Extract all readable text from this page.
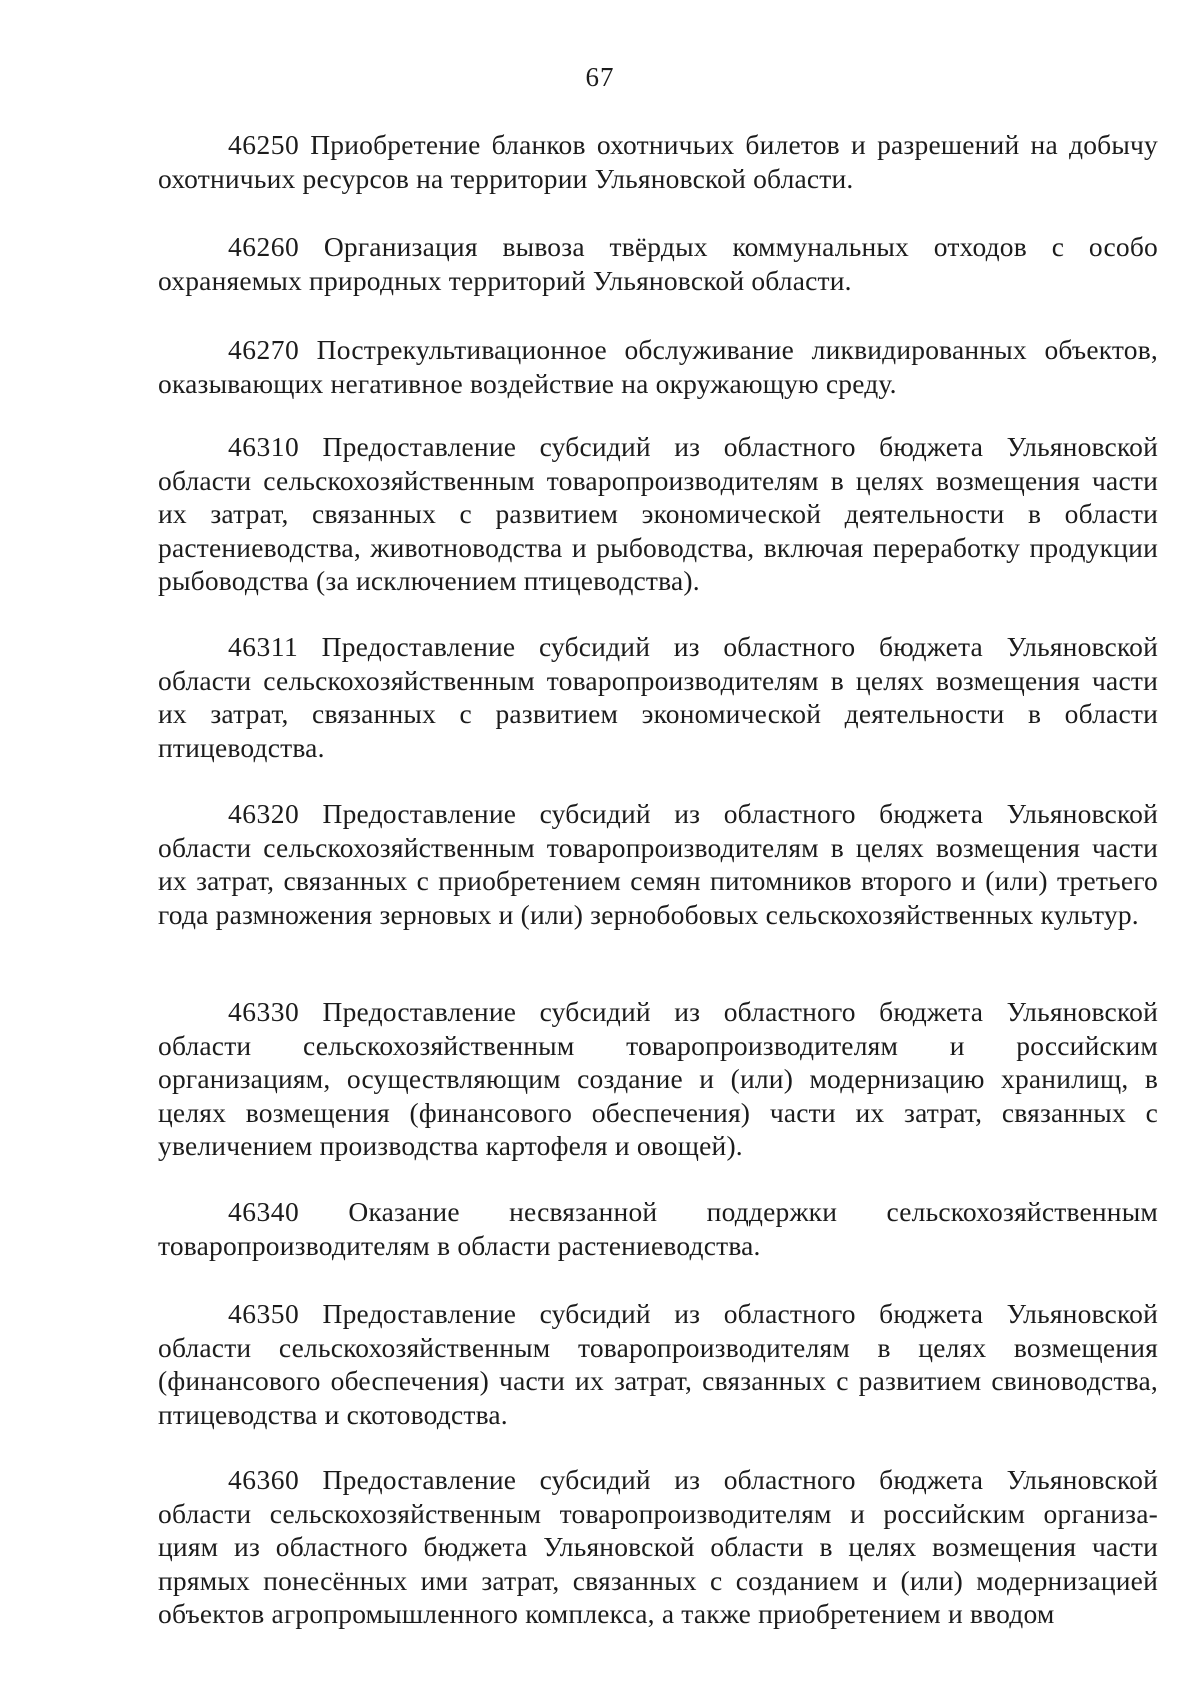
67

46250 Приобретение бланков охотничьих билетов и разрешений на добычу охотничьих ресурсов на территории Ульяновской области.

46260 Организация вывоза твёрдых коммунальных отходов с особо охраняемых природных территорий Ульяновской области.

46270 Пострекультивационное обслуживание ликвидированных объектов, оказывающих негативное воздействие на окружающую среду.

46310 Предоставление субсидий из областного бюджета Ульяновской области сельскохозяйственным товаропроизводителям в целях возмещения части их затрат, связанных с развитием экономической деятельности в области растениеводства, животноводства и рыбоводства, включая переработку продукции рыбоводства (за исключением птицеводства).

46311 Предоставление субсидий из областного бюджета Ульяновской области сельскохозяйственным товаропроизводителям в целях возмещения части их затрат, связанных с развитием экономической деятельности в области птицеводства.

46320 Предоставление субсидий из областного бюджета Ульяновской области сельскохозяйственным товаропроизводителям в целях возмещения части их затрат, связанных с приобретением семян питомников второго и (или) третьего года размножения зерновых и (или) зернобобовых сельскохозяйственных культур.

46330 Предоставление субсидий из областного бюджета Ульяновской области сельскохозяйственным товаропроизводителям и российским организациям, осуществляющим создание и (или) модернизацию хранилищ, в целях возмещения (финансового обеспечения) части их затрат, связанных с увеличением производства картофеля и овощей).

46340 Оказание несвязанной поддержки сельскохозяйственным товаропроизводителям в области растениеводства.

46350 Предоставление субсидий из областного бюджета Ульяновской области сельскохозяйственным товаропроизводителям в целях возмещения (финансового обеспечения) части их затрат, связанных с развитием свиноводства, птицеводства и скотоводства.

46360 Предоставление субсидий из областного бюджета Ульяновской области сельскохозяйственным товаропроизводителям и российским организа-циям из областного бюджета Ульяновской области в целях возмещения части прямых понесённых ими затрат, связанных с созданием и (или) модернизацией объектов агропромышленного комплекса, а также приобретением и вводом
